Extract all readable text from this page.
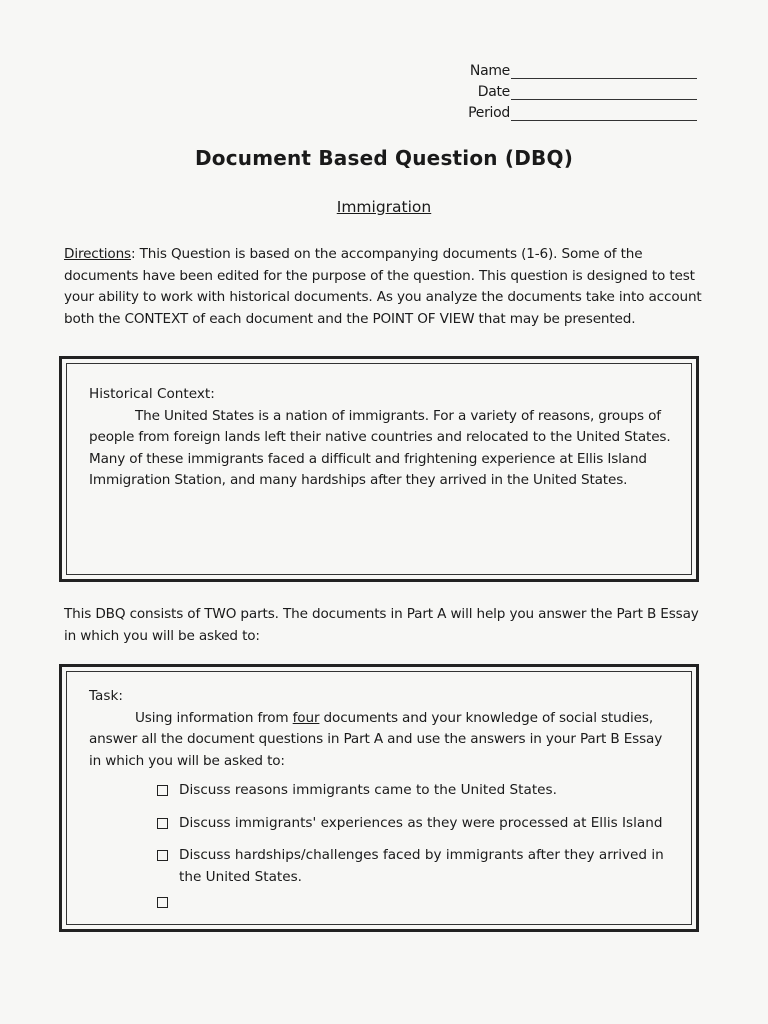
Name
Date
Period
Document Based Question (DBQ)
Immigration
Directions: This Question is based on the accompanying documents (1-6). Some of the documents have been edited for the purpose of the question. This question is designed to test your ability to work with historical documents. As you analyze the documents take into account both the CONTEXT of each document and the POINT OF VIEW that may be presented.
Historical Context:
The United States is a nation of immigrants. For a variety of reasons, groups of people from foreign lands left their native countries and relocated to the United States. Many of these immigrants faced a difficult and frightening experience at Ellis Island Immigration Station, and many hardships after they arrived in the United States.
This DBQ consists of TWO parts. The documents in Part A will help you answer the Part B Essay in which you will be asked to:
Task:
Using information from four documents and your knowledge of social studies, answer all the document questions in Part A and use the answers in your Part B Essay in which you will be asked to:
Discuss reasons immigrants came to the United States.
Discuss immigrants' experiences as they were processed at Ellis Island
Discuss hardships/challenges faced by immigrants after they arrived in the United States.
